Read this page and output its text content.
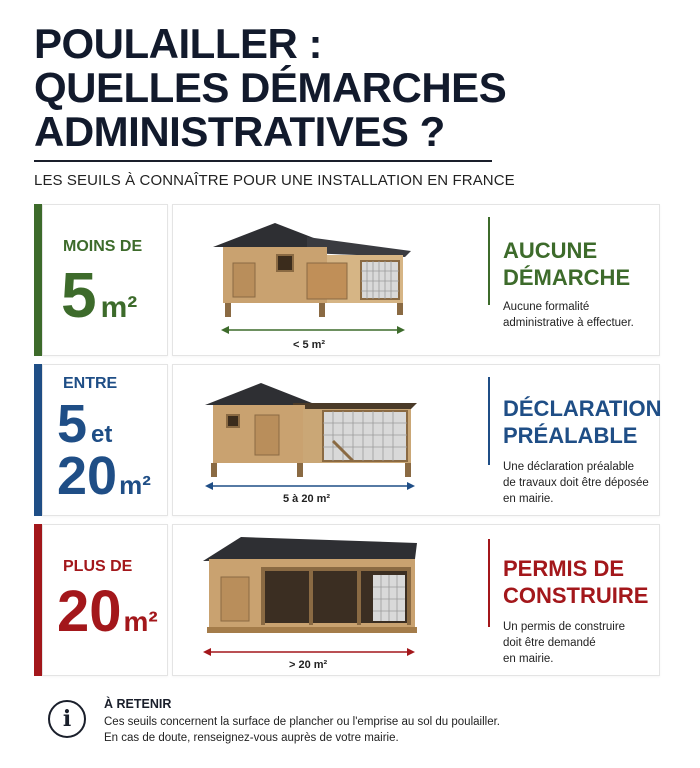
POULAILLER :
QUELLES DÉMARCHES
ADMINISTRATIVES ?
LES SEUILS À CONNAÎTRE POUR UNE INSTALLATION EN FRANCE
MOINS DE
5 m²
< 5 m²
AUCUNE
DÉMARCHE
Aucune formalité
administrative à effectuer.
ENTRE
5 et
20m²	5 à 20 m²
DÉCLARATION
PRÉALABLE
Une déclaration préalable
de travaux doit être déposée
en mairie.
PLUS DE
20m²
> 20 m²
PERMIS DE
CONSTRUIRE
Un permis de construire
doit être demandé
en mairie.
i
À RETENIR
Ces seuils concernent la surface de plancher ou l'emprise au sol du poulailler.
En cas de doute, renseignez-vous auprès de votre mairie.
